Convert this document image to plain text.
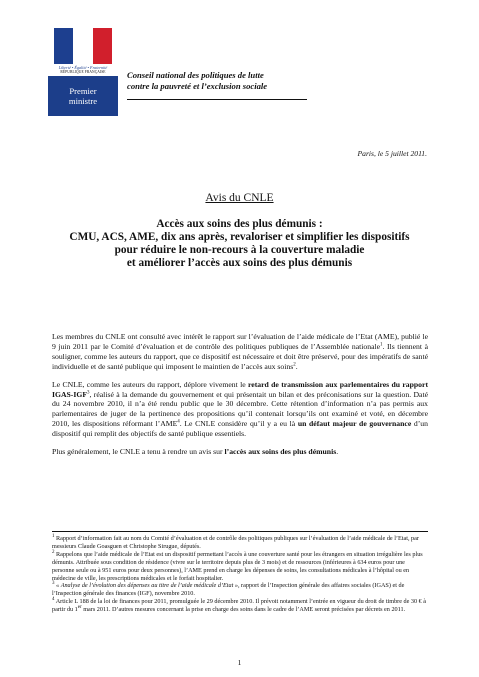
Liberté • Égalité • Fraternité
RÉPUBLIQUE FRANÇAISE
Premier
ministre
Conseil national des politiques de lutte
contre la pauvreté et l’exclusion sociale
Paris, le 5 juillet 2011.
Avis du CNLE
Accès aux soins des plus démunis :
CMU, ACS, AME, dix ans après, revaloriser et simplifier les dispositifs
pour réduire le non-recours à la couverture maladie
et améliorer l’accès aux soins des plus démunis

Les membres du CNLE ont consulté avec intérêt le rapport sur l’évaluation de l’aide médicale de l’Etat (AME), publié le 9 juin 2011 par le Comité d’évaluation et de contrôle des politiques publiques de l’Assemblée nationale$^1$. Ils tiennent à souligner, comme les auteurs du rapport, que ce dispositif est nécessaire et doit être préservé, pour des impératifs de santé individuelle et de santé publique qui imposent le maintien de l’accès aux soins$^2$.

Le CNLE, comme les auteurs du rapport, déplore vivement le retard de transmission aux parlementaires du rapport IGAS-IGF$^3$, réalisé à la demande du gouvernement et qui présentait un bilan et des préconisations sur la question. Daté du 24 novembre 2010, il n’a été rendu public que le 30 décembre. Cette rétention d’information n’a pas permis aux parlementaires de juger de la pertinence des propositions qu’il contenait lorsqu’ils ont examiné et voté, en décembre 2010, les dispositions réformant l’AME$^4$. Le CNLE considère qu’il y a eu là un défaut majeur de gouvernance d’un dispositif qui remplit des objectifs de santé publique essentiels.

Plus généralement, le CNLE a tenu à rendre un avis sur l’accès aux soins des plus démunis.

$^1$ Rapport d’information fait au nom du Comité d’évaluation et de contrôle des politiques publiques sur l’évaluation de l’aide médicale de l’Etat, par messieurs Claude Goasguen et Christophe Sirugue, députés.

$^2$ Rappelons que l’aide médicale de l’Etat est un dispositif permettant l’accès à une couverture santé pour les étrangers en situation irrégulière les plus démunis. Attribuée sous condition de résidence (vivre sur le territoire depuis plus de 3 mois) et de ressources (inférieures à 634 euros pour une personne seule ou à 951 euros pour deux personnes), l’AME prend en charge les dépenses de soins, les consultations médicales à l’hôpital ou en médecine de ville, les prescriptions médicales et le forfait hospitalier.

$^3$ « Analyse de l’évolution des dépenses au titre de l’aide médicale d’Etat », rapport de l’Inspection générale des affaires sociales (IGAS) et de l’Inspection générale des finances (IGF), novembre 2010.

$^4$ Article L 188 de la loi de finances pour 2011, promulguée le 29 décembre 2010. Il prévoit notamment l’entrée en vigueur du droit de timbre de 30 € à partir du 1er mars 2011. D’autres mesures concernant la prise en charge des soins dans le cadre de l’AME seront précisées par décrets en 2011.

1
